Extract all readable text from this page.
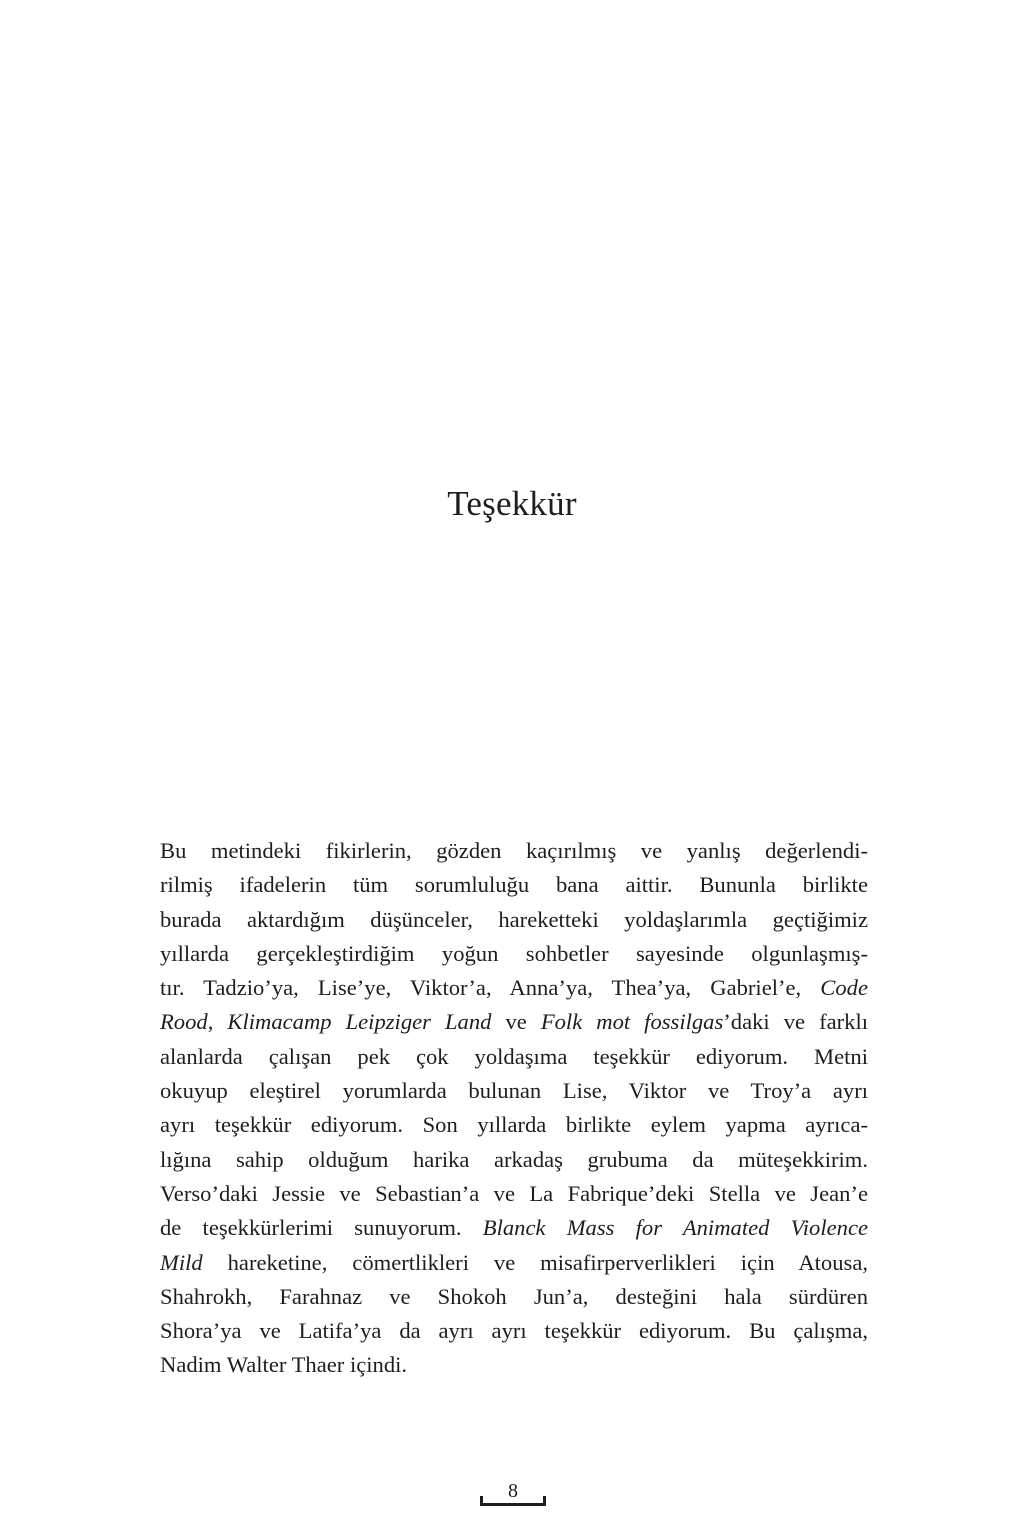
Teşekkür
Bu metindeki fikirlerin, gözden kaçırılmış ve yanlış değerlendi-
rilmiş ifadelerin tüm sorumluluğu bana aittir. Bununla birlikte
burada aktardığım düşünceler, hareketteki yoldaşlarımla geçtiğimiz
yıllarda gerçekleştirdiğim yoğun sohbetler sayesinde olgunlaşmış-
tır. Tadzio’ya, Lise’ye, Viktor’a, Anna’ya, Thea’ya, Gabriel’e, Code
Rood, Klimacamp Leipziger Land ve Folk mot fossilgas’daki ve farklı
alanlarda çalışan pek çok yoldaşıma teşekkür ediyorum. Metni
okuyup eleştirel yorumlarda bulunan Lise, Viktor ve Troy’a ayrı
ayrı teşekkür ediyorum. Son yıllarda birlikte eylem yapma ayrıca-
lığına sahip olduğum harika arkadaş grubuma da müteşekkirim.
Verso’daki Jessie ve Sebastian’a ve La Fabrique’deki Stella ve Jean’e
de teşekkürlerimi sunuyorum. Blanck Mass for Animated Violence
Mild hareketine, cömertlikleri ve misafirperverlikleri için Atousa,
Shahrokh, Farahnaz ve Shokoh Jun’a, desteğini hala sürdüren
Shora’ya ve Latifa’ya da ayrı ayrı teşekkür ediyorum. Bu çalışma,
Nadim Walter Thaer içindi.
8
